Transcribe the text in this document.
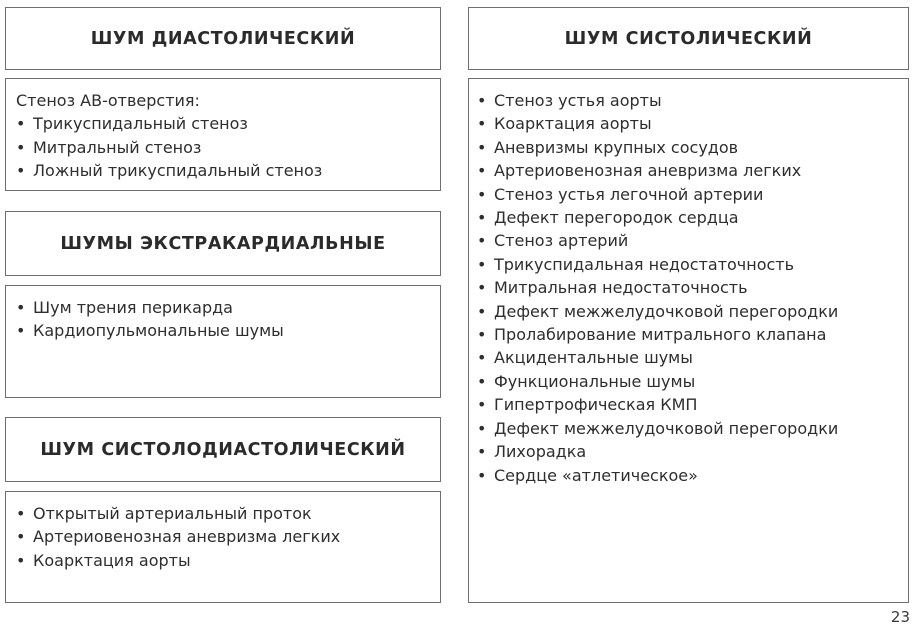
ШУМ ДИАСТОЛИЧЕСКИЙ
Стеноз АВ-отверстия:
• Трикуспидальный стеноз
• Митральный стеноз
• Ложный трикуспидальный стеноз
ШУМЫ ЭКСТРАКАРДИАЛЬНЫЕ
• Шум трения перикарда
• Кардиопульмональные шумы
ШУМ СИСТОЛОДИАСТОЛИЧЕСКИЙ
• Открытый артериальный проток
• Артериовенозная аневризма легких
• Коарктация аорты
ШУМ СИСТОЛИЧЕСКИЙ
• Стеноз устья аорты
• Коарктация аорты
• Аневризмы крупных сосудов
• Артериовенозная аневризма легких
• Стеноз устья легочной артерии
• Дефект перегородок сердца
• Стеноз артерий
• Трикуспидальная недостаточность
• Митральная недостаточность
• Дефект межжелудочковой перегородки
• Пролабирование митрального клапана
• Акцидентальные шумы
• Функциональные шумы
• Гипертрофическая КМП
• Дефект межжелудочковой перегородки
• Лихорадка
• Сердце «атлетическое»
23
